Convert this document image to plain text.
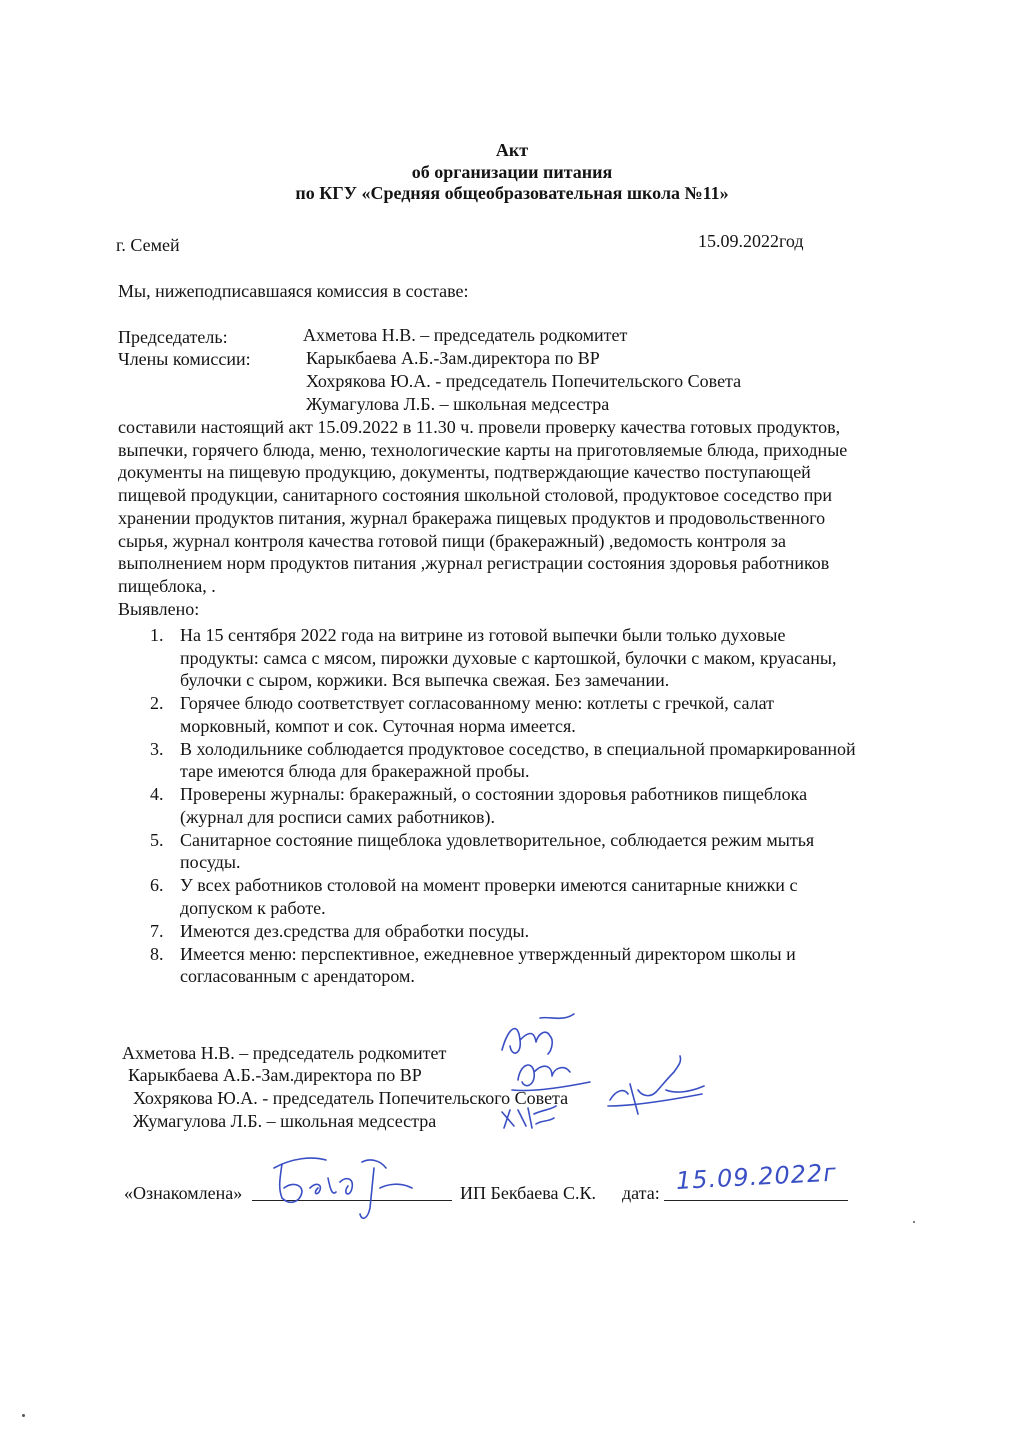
Акт
об организации питания
по КГУ «Средняя общеобразовательная школа №11»
г. Семей	15.09.2022год
Мы, нижеподписавшаяся комиссия в составе:
Председатель:	Ахметова Н.В. – председатель родкомитет
Члены комиссии:	Карыкбаева А.Б.-Зам.директора по ВР
Хохрякова Ю.А. - председатель Попечительского Совета
Жумагулова Л.Б. – школьная медсестра
составили настоящий акт 15.09.2022 в 11.30 ч. провели проверку качества готовых продуктов,
выпечки, горячего блюда, меню, технологические карты на приготовляемые блюда, приходные
документы на пищевую продукцию, документы, подтверждающие качество поступающей
пищевой продукции, санитарного состояния школьной столовой, продуктовое соседство при
хранении продуктов питания, журнал бракеража пищевых продуктов и продовольственного
сырья, журнал контроля качества готовой пищи (бракеражный) ,ведомость контроля за
выполнением норм продуктов питания ,журнал регистрации состояния здоровья работников
пищеблока, .
Выявлено:
1. На 15 сентября 2022 года на витрине из готовой выпечки были только духовые
продукты: самса с мясом, пирожки духовые с картошкой, булочки с маком, круасаны,
булочки с сыром, коржики. Вся выпечка свежая. Без замечании.
2. Горячее блюдо соответствует согласованному меню: котлеты с гречкой, салат
морковный, компот и сок. Суточная норма имеется.
3. В холодильнике соблюдается продуктовое соседство, в специальной промаркированной
таре имеются блюда для бракеражной пробы.
4. Проверены журналы: бракеражный, о состоянии здоровья работников пищеблока
(журнал для росписи самих работников).
5. Санитарное состояние пищеблока удовлетворительное, соблюдается режим мытья
посуды.
6. У всех работников столовой на момент проверки имеются санитарные книжки с
допуском к работе.
7. Имеются дез.средства для обработки посуды.
8. Имеется меню: перспективное, ежедневное утвержденный директором школы и
согласованным с арендатором.
Ахметова Н.В. – председатель родкомитет
Карыкбаева А.Б.-Зам.директора по ВР
Хохрякова Ю.А. - председатель Попечительского Совета
Жумагулова Л.Б. – школьная медсестра
«Ознакомлена»	ИП Бекбаева С.К. дата: 15.09.2022г
